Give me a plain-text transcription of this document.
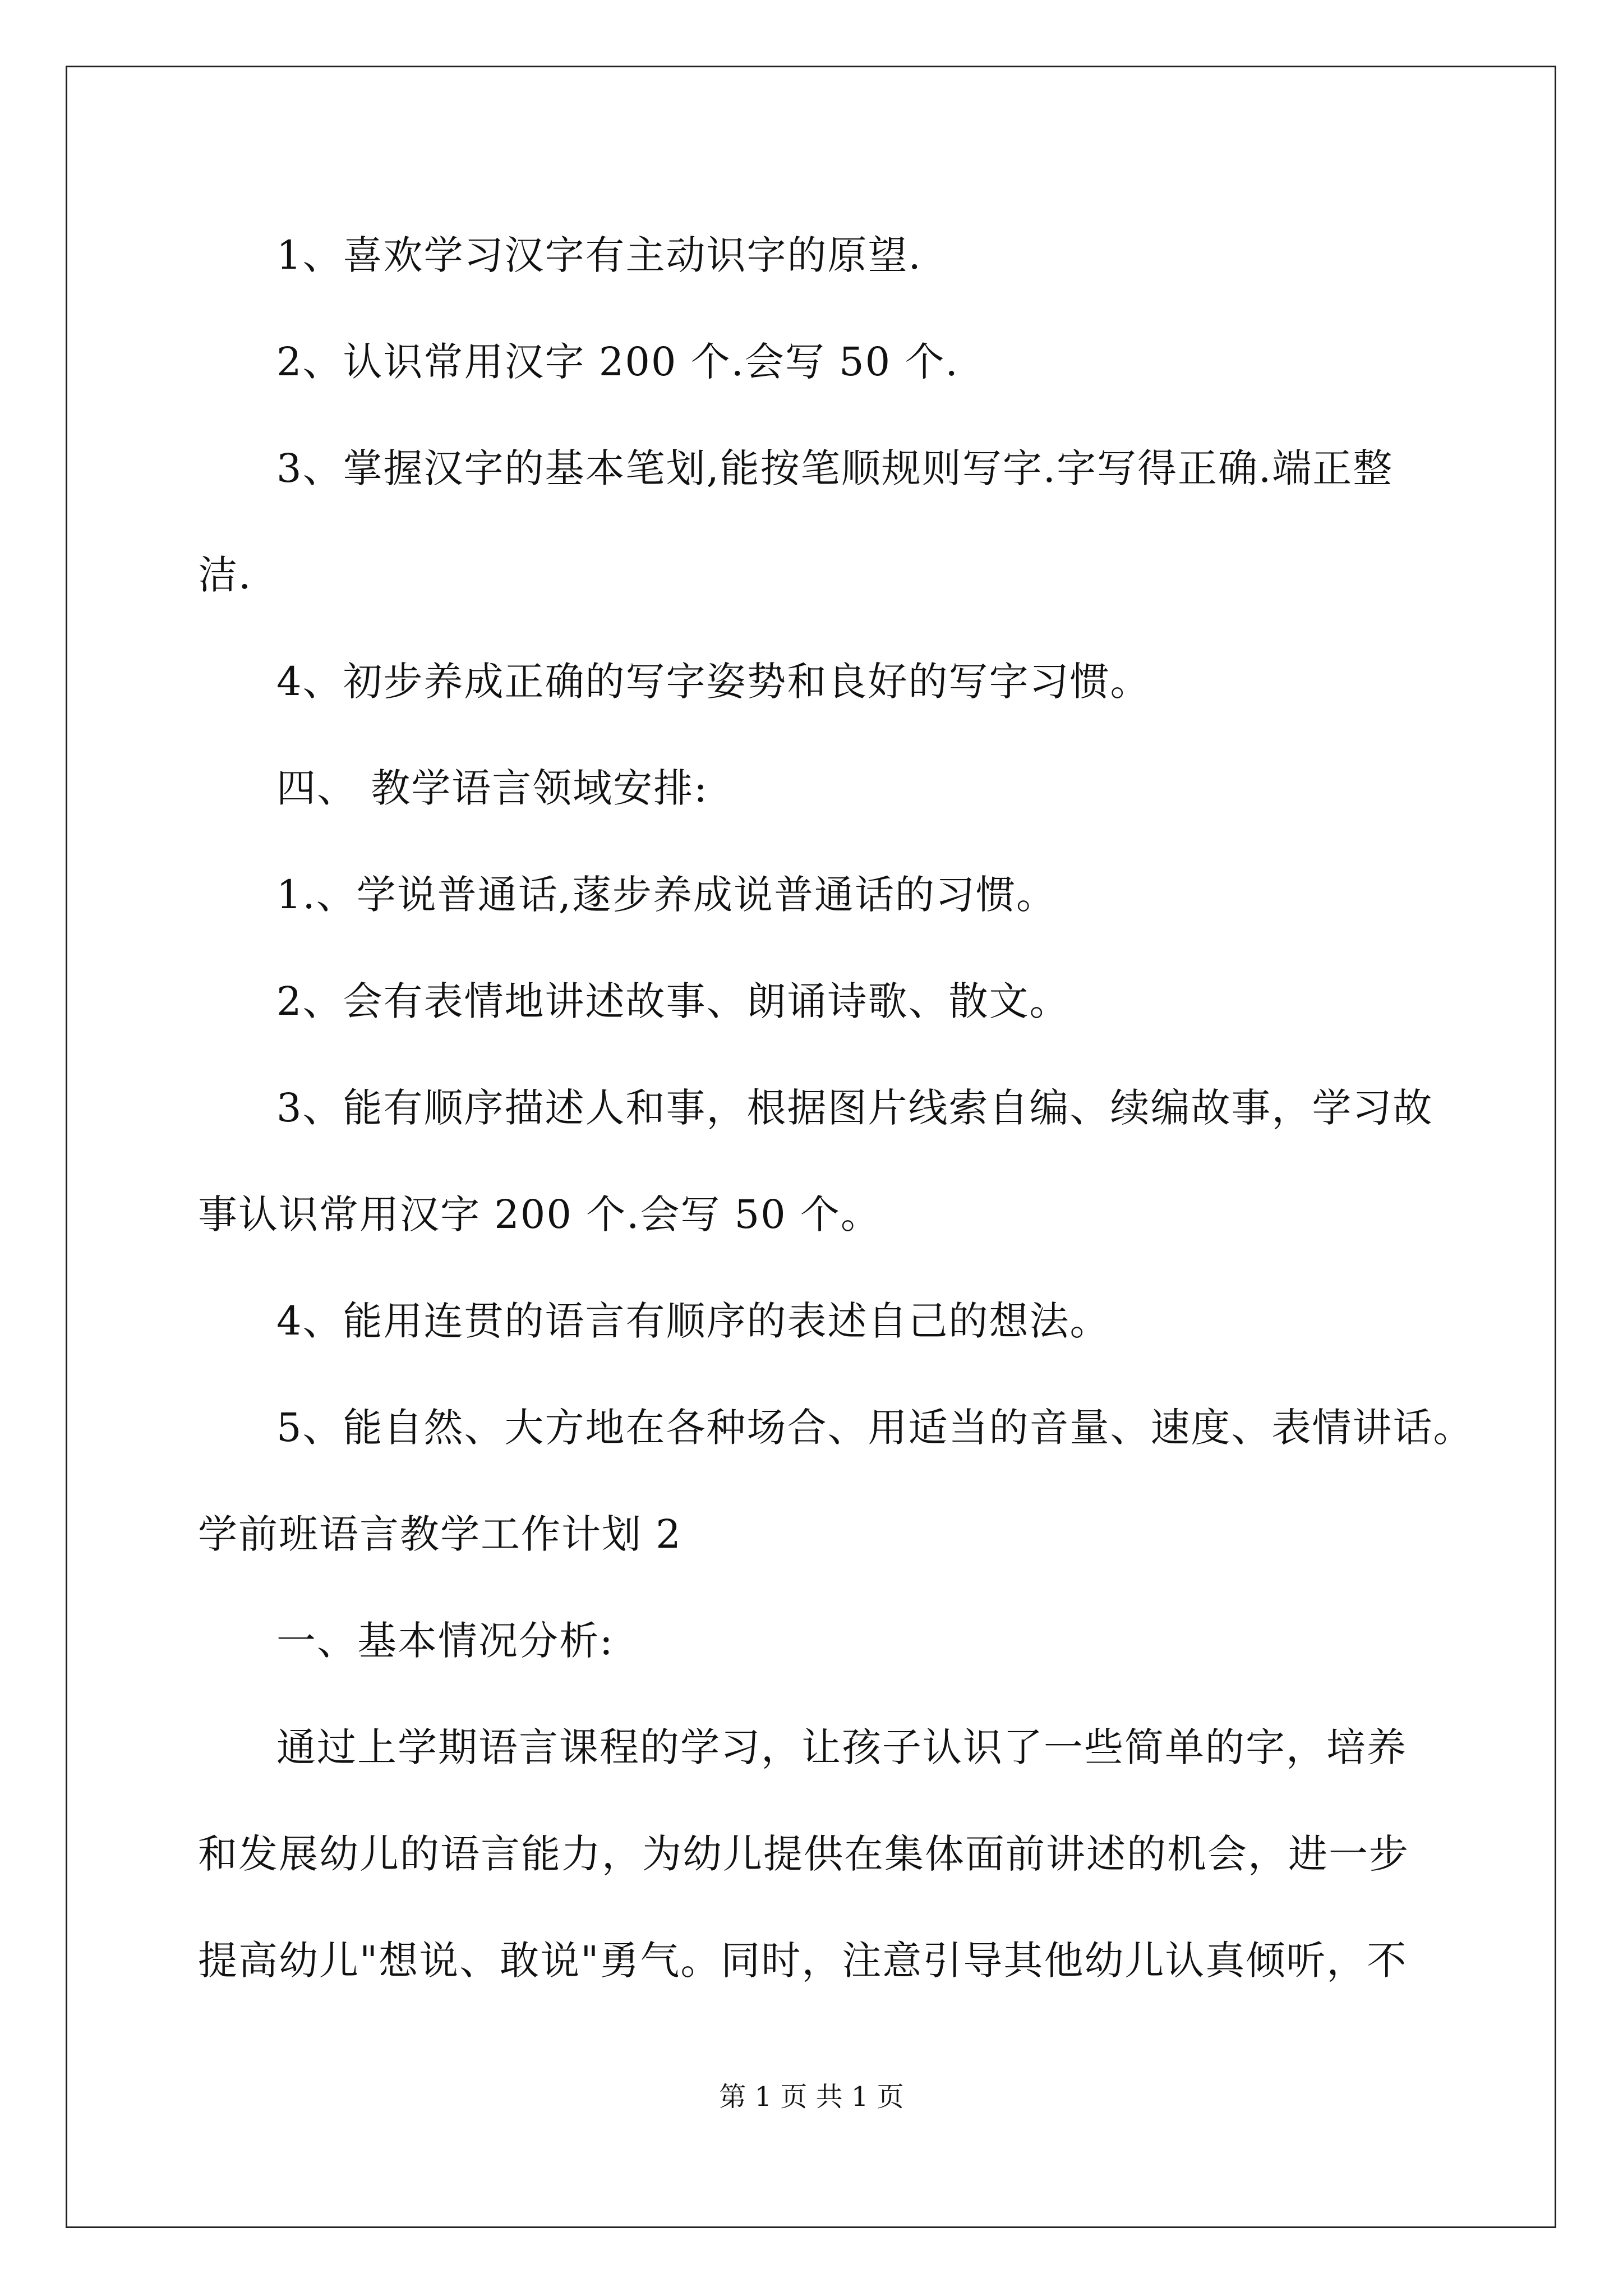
1、喜欢学习汉字有主动识字的原望.
2、认识常用汉字 200 个.会写 50 个.
3、掌握汉字的基本笔划,能按笔顺规则写字.字写得正确.端正整
洁.
4、初步养成正确的写字姿势和良好的写字习惯。
四、 教学语言领域安排:
1.、学说普通话,蓫步养成说普通话的习惯。
2、会有表情地讲述故事、朗诵诗歌、散文。
3、能有顺序描述人和事，根据图片线索自编、续编故事，学习故
事认识常用汉字 200 个.会写 50 个。
4、能用连贯的语言有顺序的表述自己的想法。
5、能自然、大方地在各种场合、用适当的音量、速度、表情讲话。
学前班语言教学工作计划 2
一、基本情况分析:
通过上学期语言课程的学习，让孩子认识了一些简单的字，培养
和发展幼儿的语言能力，为幼儿提供在集体面前讲述的机会，进一步
提高幼儿"想说、敢说"勇气。同时，注意引导其他幼儿认真倾听，不
第 1 页 共 1 页
